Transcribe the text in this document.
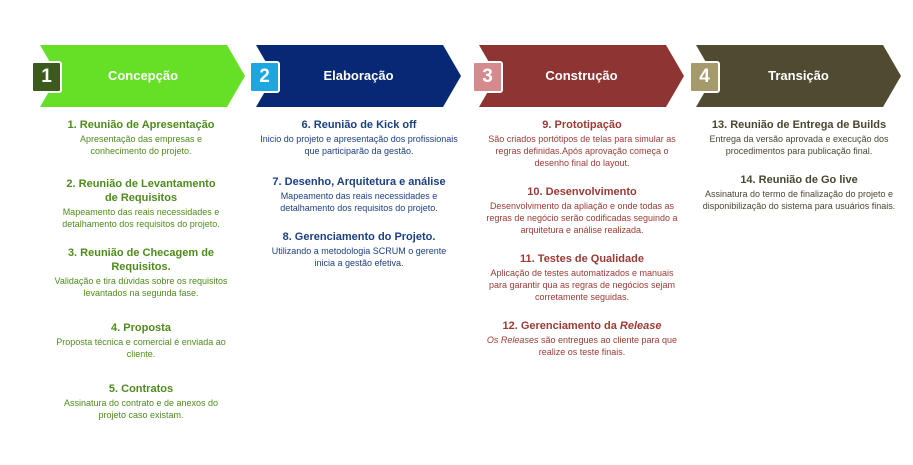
1	Concepção

1. Reunião de Apresentação

Apresentação das empresas e conhecimento do projeto.

2. Reunião de Levantamento de Requisitos

Mapeamento das reais necessidades e detalhamento dos requisitos do projeto.

3. Reunião de Checagem de Requisitos.

Validação e tira dúvidas sobre os requisitos levantados na segunda fase.

4. Proposta

Proposta técnica e comercial é enviada ao cliente.

5. Contratos

Assinatura do contrato e de anexos do projeto caso existam.

2	Elaboração

6. Reunião de Kick off

Inicio do projeto e apresentação dos profissionais que participarão da gestão.

7. Desenho, Arquitetura e análise

Mapeamento das reais necessidades e detalhamento dos requisitos do projeto.

8. Gerenciamento do Projeto.

Utilizando a metodologia SCRUM o gerente inicia a gestão efetiva.

3	Construção

9. Prototipação

São criados portótipos de telas para simular as regras definidas.Após aprovação começa o desenho final do layout.

10. Desenvolvimento

Desenvolvimento da apliação e onde todas as regras de negócio serão codificadas seguindo a arquitetura e análise realizada.

11. Testes de Qualidade

Aplicação de testes automatizados e manuais para garantir qua as regras de negócios sejam corretamente seguidas.

12. Gerenciamento da Release

Os Releases são entregues ao cliente para que realize os teste finais.

4	Transição

13. Reunião de Entrega de Builds

Entrega da versão aprovada e execução dos procedimentos para publicação final.

14. Reunião de Go live

Assinatura do termo de finalização do projeto e disponibilização do sistema para usuários finais.
